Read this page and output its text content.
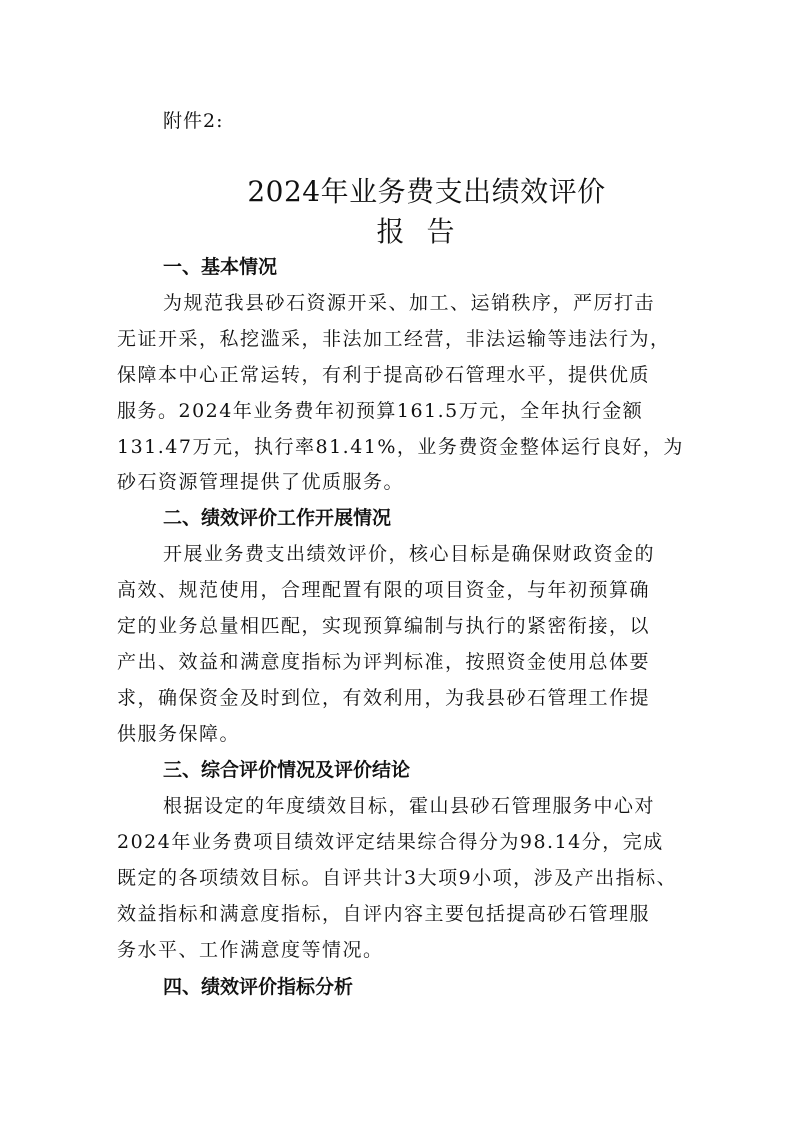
附件2:
2024年业务费支出绩效评价
报告
一、基本情况
为规范我县砂石资源开采、加工、运销秩序，严厉打击
无证开采，私挖滥采，非法加工经营，非法运输等违法行为，
保障本中心正常运转，有利于提高砂石管理水平，提供优质
服务。2024年业务费年初预算161.5万元，全年执行金额
131.47万元，执行率81.41%，业务费资金整体运行良好，为
砂石资源管理提供了优质服务。
二、绩效评价工作开展情况
开展业务费支出绩效评价，核心目标是确保财政资金的
高效、规范使用，合理配置有限的项目资金，与年初预算确
定的业务总量相匹配，实现预算编制与执行的紧密衔接，以
产出、效益和满意度指标为评判标准，按照资金使用总体要
求，确保资金及时到位，有效利用，为我县砂石管理工作提
供服务保障。
三、综合评价情况及评价结论
根据设定的年度绩效目标，霍山县砂石管理服务中心对
2024年业务费项目绩效评定结果综合得分为98.14分，完成
既定的各项绩效目标。自评共计3大项9小项，涉及产出指标、
效益指标和满意度指标，自评内容主要包括提高砂石管理服
务水平、工作满意度等情况。
四、绩效评价指标分析
